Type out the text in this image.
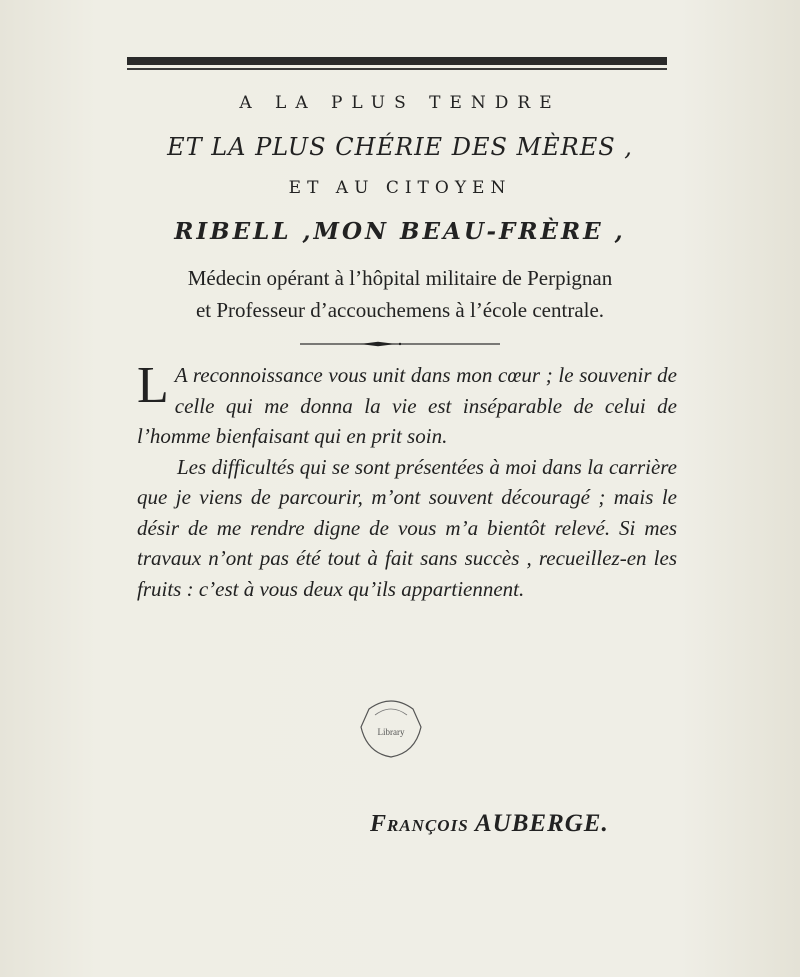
A LA PLUS TENDRE
ET LA PLUS CHÉRIE DES MÈRES ,
ET AU CITOYEN
RIBELL ,MON BEAU-FRÈRE ,
Médecin opérant à l’hôpital militaire de Perpignan
et Professeur d’accouchemens à l’école centrale.

L A reconnoissance vous unit dans mon cœur ; le souvenir de celle qui me donna la vie est inséparable de celui de l’homme bienfaisant qui en prit soin.

Les difficultés qui se sont présentées à moi dans la carrière que je viens de parcourir, m’ont souvent découragé ; mais le désir de me rendre digne de vous m’a bientôt relevé. Si mes travaux n’ont pas été tout à fait sans succès , recueillez-en les fruits : c’est à vous deux qu’ils appartiennent.

Library
François AUBERGE.
